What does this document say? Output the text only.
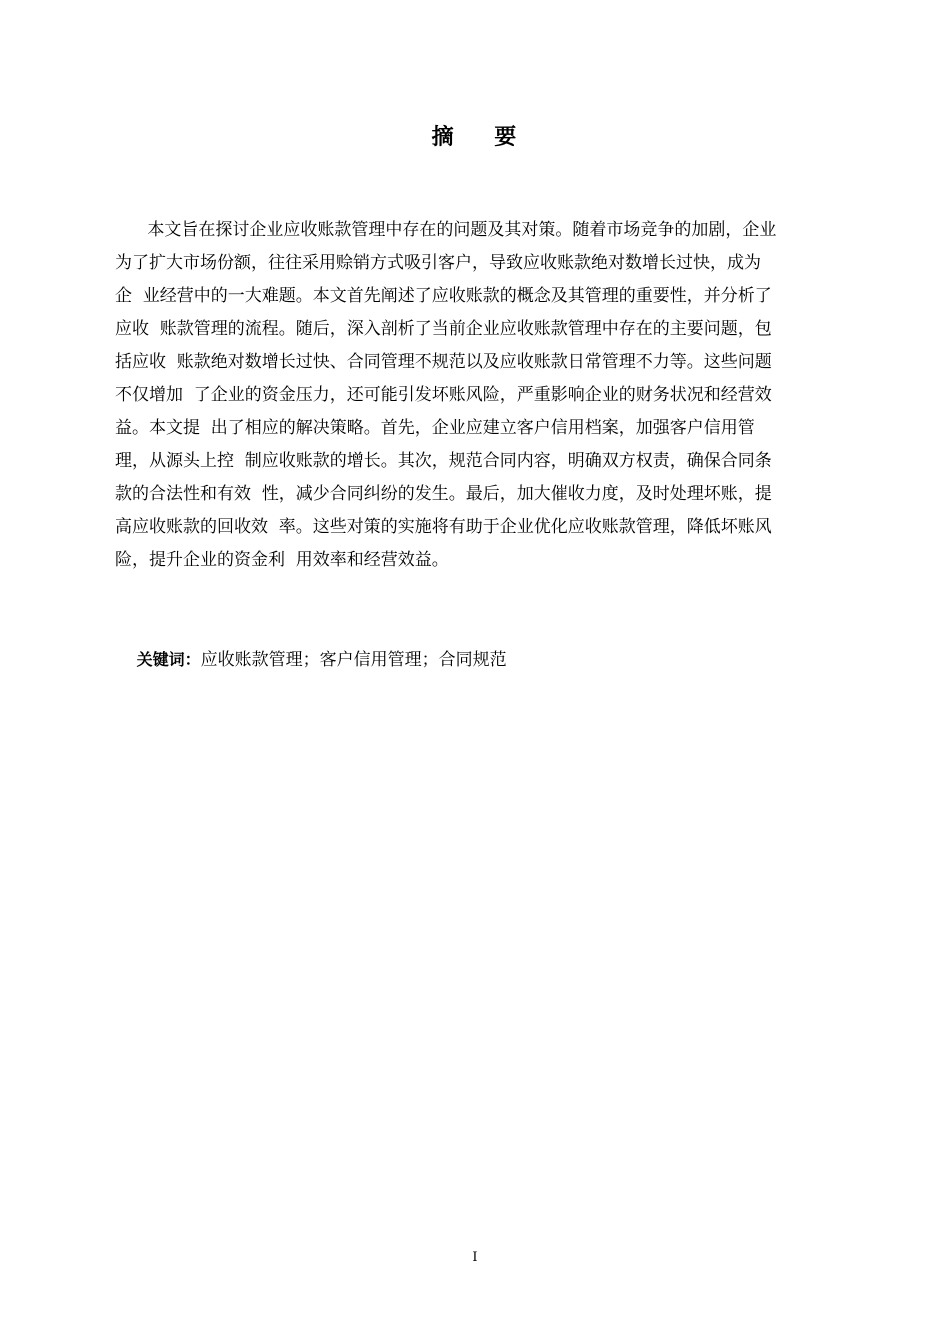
摘    要
本文旨在探讨企业应收账款管理中存在的问题及其对策。随着市场竞争的加剧，企业
为了扩大市场份额，往往采用赊销方式吸引客户，导致应收账款绝对数增长过快，成为
企  业经营中的一大难题。本文首先阐述了应收账款的概念及其管理的重要性，并分析了
应收  账款管理的流程。随后，深入剖析了当前企业应收账款管理中存在的主要问题，包
括应收  账款绝对数增长过快、合同管理不规范以及应收账款日常管理不力等。这些问题
不仅增加  了企业的资金压力，还可能引发坏账风险，严重影响企业的财务状况和经营效
益。本文提  出了相应的解决策略。首先，企业应建立客户信用档案，加强客户信用管
理，从源头上控  制应收账款的增长。其次，规范合同内容，明确双方权责，确保合同条
款的合法性和有效  性，减少合同纠纷的发生。最后，加大催收力度，及时处理坏账，提
高应收账款的回收效  率。这些对策的实施将有助于企业优化应收账款管理，降低坏账风
险，提升企业的资金利  用效率和经营效益。

关键词：应收账款管理；客户信用管理；合同规范

I
